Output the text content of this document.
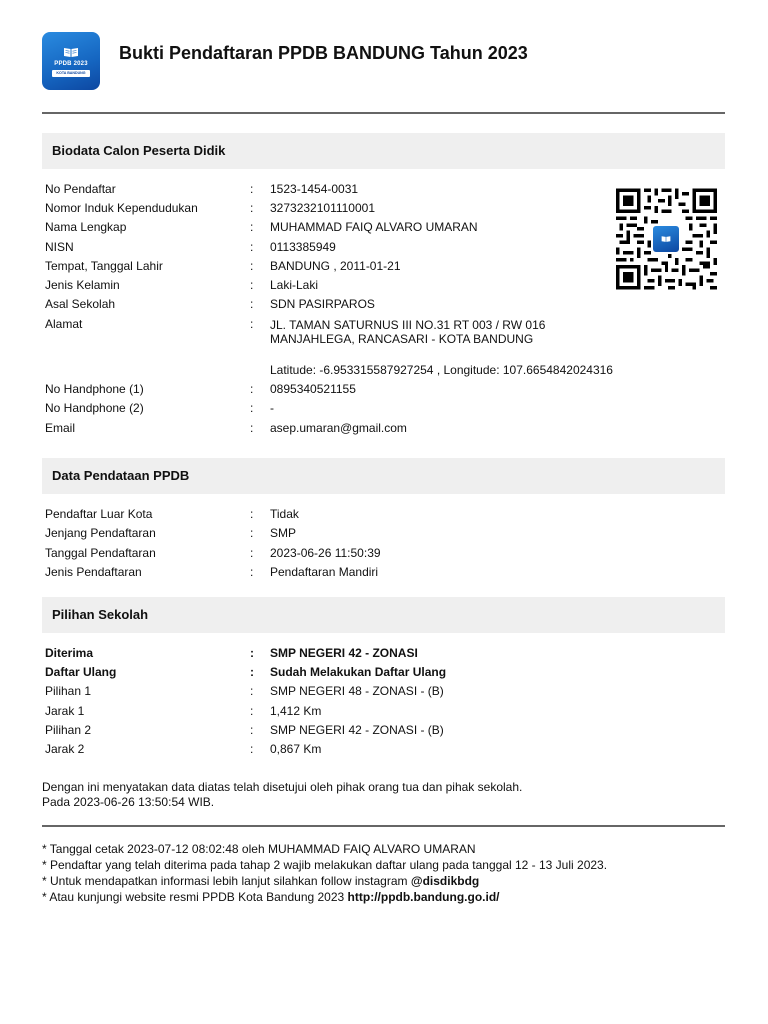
PPDB 2023
KOTA BANDUNG
Bukti Pendaftaran PPDB BANDUNG Tahun 2023
Biodata Calon Peserta Didik
No Pendaftar	: 1523-1454-0031
Nomor Induk Kependudukan	: 3273232101110001
Nama Lengkap	: MUHAMMAD FAIQ ALVARO UMARAN
NISN	: 0113385949
Tempat, Tanggal Lahir	: BANDUNG , 2011-01-21
Jenis Kelamin	: Laki-Laki
Asal Sekolah	: SDN PASIRPAROS
Alamat	: JL. TAMAN SATURNUS III NO.31 RT 003 / RW 016
MANJAHLEGA, RANCASARI - KOTA BANDUNG
Latitude: -6.953315587927254 , Longitude: 107.6654842024316
No Handphone (1)	: 0895340521155
No Handphone (2)	: -
Email	: asep.umaran@gmail.com
Data Pendataan PPDB
Pendaftar Luar Kota	: Tidak
Jenjang Pendaftaran	: SMP
Tanggal Pendaftaran	: 2023-06-26 11:50:39
Jenis Pendaftaran	: Pendaftaran Mandiri
Pilihan Sekolah
Diterima	: SMP NEGERI 42 - ZONASI
Daftar Ulang	: Sudah Melakukan Daftar Ulang
Pilihan 1	: SMP NEGERI 48 - ZONASI - (B)
Jarak 1	: 1,412 Km
Pilihan 2	: SMP NEGERI 42 - ZONASI - (B)
Jarak 2	: 0,867 Km
Dengan ini menyatakan data diatas telah disetujui oleh pihak orang tua dan pihak sekolah.
Pada 2023-06-26 13:50:54 WIB.
* Tanggal cetak 2023-07-12 08:02:48 oleh MUHAMMAD FAIQ ALVARO UMARAN
* Pendaftar yang telah diterima pada tahap 2 wajib melakukan daftar ulang pada tanggal 12 - 13 Juli 2023.
* Untuk mendapatkan informasi lebih lanjut silahkan follow instagram @disdikbdg
* Atau kunjungi website resmi PPDB Kota Bandung 2023 http://ppdb.bandung.go.id/
